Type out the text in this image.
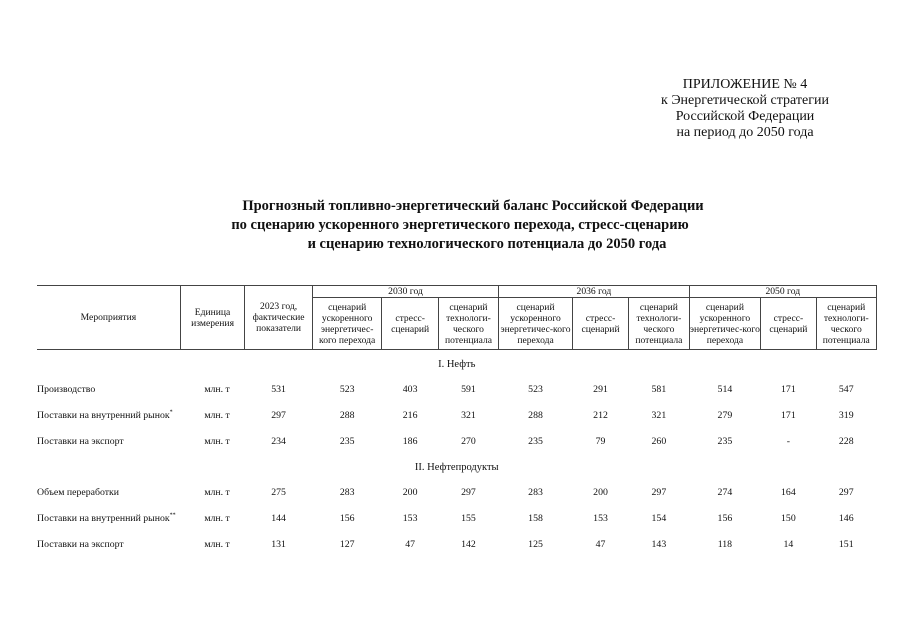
ПРИЛОЖЕНИЕ № 4
к Энергетической стратегии
Российской Федерации
на период до 2050 года
Прогнозный топливно-энергетический баланс Российской Федерации
по сценарию ускоренного энергетического перехода, стресс-сценарию
и сценарию технологического потенциала до 2050 года
Мероприятия	Единица измерения	2023 год, фактические показатели	2030 год			2036 год			2050 год		
			сценарий ускоренного энергетичес-кого перехода	стресс-сценарий	сценарий технологи-ческого потенциала	сценарий ускоренного энергетичес-кого перехода	стресс-сценарий	сценарий технологи-ческого потенциала	сценарий ускоренного энергетичес-кого перехода	стресс-сценарий	сценарий технологи-ческого потенциала
I. Нефть											
Производство	млн. т	531	523	403	591	523	291	581	514	171	547
Поставки на внутренний рынок*	млн. т	297	288	216	321	288	212	321	279	171	319
Поставки на экспорт	млн. т	234	235	186	270	235	79	260	235	-	228
II. Нефтепродукты											
Объем переработки	млн. т	275	283	200	297	283	200	297	274	164	297
Поставки на внутренний рынок**	млн. т	144	156	153	155	158	153	154	156	150	146
Поставки на экспорт	млн. т	131	127	47	142	125	47	143	118	14	151
